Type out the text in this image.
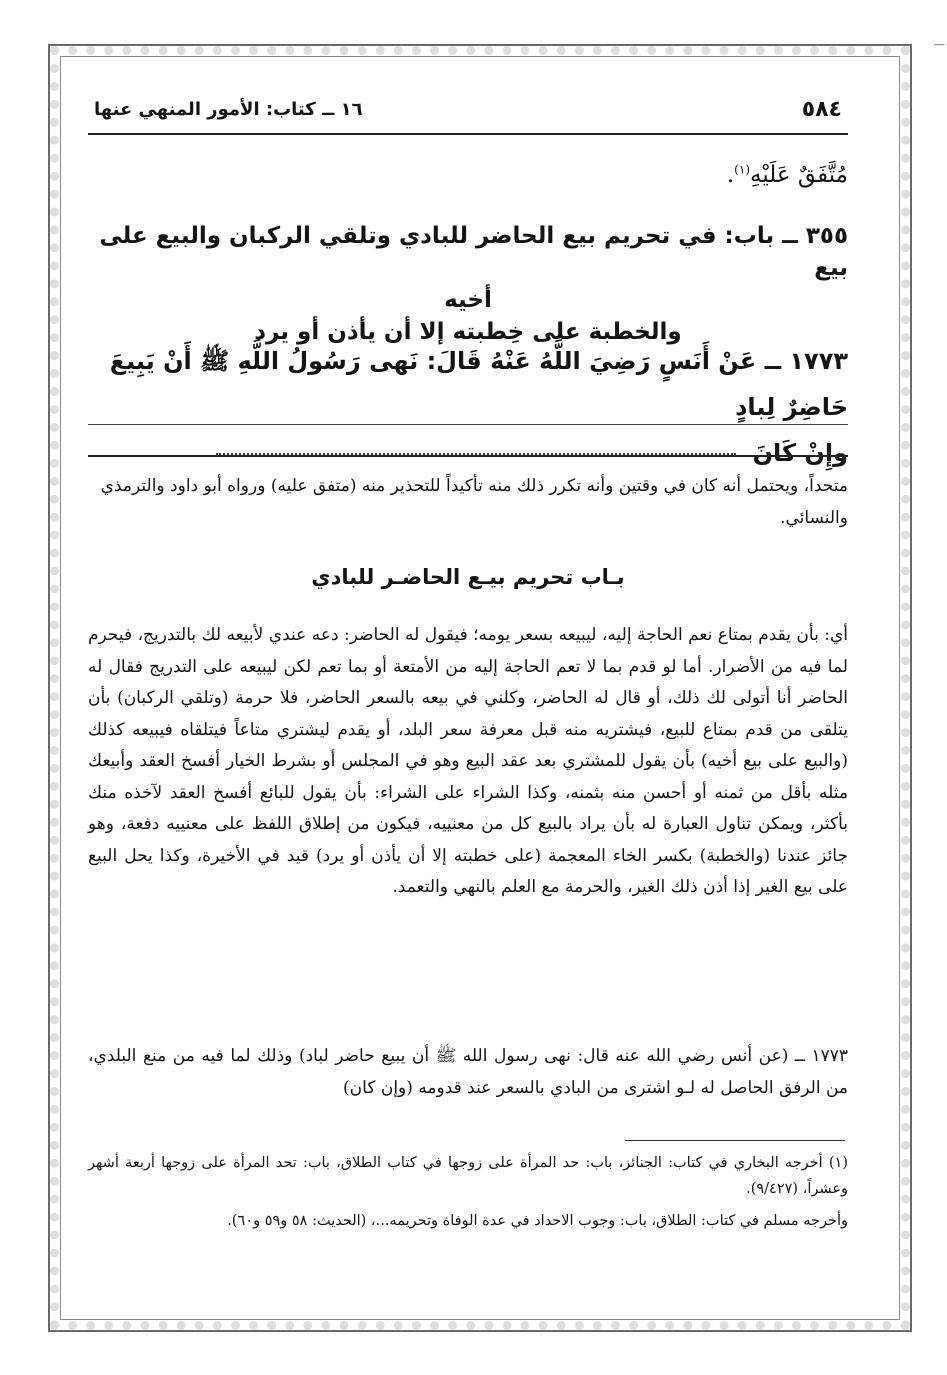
—
٥٨٤
١٦ ــ كتاب: الأمور المنهي عنها
مُتَّفَقٌ عَلَيْهِ$^{(١)}$.
٣٥٥ ــ باب: في تحريم بيع الحاضر للبادي وتلقي الركبان والبيع على بيع
أخيه
والخطبة على خِطبته إلا أن يأذن أو يرد
١٧٧٣ ــ عَنْ أَنَسٍ رَضِيَ اللَّهُ عَنْهُ قَالَ: نَهى رَسُولُ اللَّهِ ﷺ أَنْ يَبِيعَ حَاضِرٌ لِبادٍ
وإِنْ كَانَ
متحداً، ويحتمل أنه كان في وقتين وأنه تكرر ذلك منه تأكيداً للتحذير منه (متفق عليه) ورواه أبو داود والترمذي والنسائي.
بـاب تحريم بيـع الحاضـر للبادي
أي: بأن يقدم بمتاع نعم الحاجة إليه، ليبيعه بسعر يومه؛ فيقول له الحاضر: دعه عندي لأبيعه لك بالتدريج، فيحرم لما فيه من الأضرار. أما لو قدم بما لا تعم الحاجة إليه من الأمتعة أو بما تعم لكن ليبيعه على التدريج فقال له الحاضر أنا أتولى لك ذلك، أو قال له الحاضر، وكلني في بيعه بالسعر الحاضر، فلا حرمة (وتلقي الركبان) بأن يتلقى من قدم بمتاع للبيع، فيشتريه منه قبل معرفة سعر البلد، أو يقدم ليشتري متاعاً فيتلقاه فيبيعه كذلك (والبيع على بيع أخيه) بأن يقول للمشتري بعد عقد البيع وهو في المجلس أو بشرط الخيار أفسخ العقد وأبيعك مثله بأقل من ثمنه أو أحسن منه بثمنه، وكذا الشراء على الشراء: بأن يقول للبائع أفسخ العقد لآخذه منك بأكثر، ويمكن تناول العبارة له بأن يراد بالبيع كل من معنييه، فيكون من إطلاق اللفظ على معنييه دفعة، وهو جائز عندنا (والخطبة) بكسر الخاء المعجمة (على خطبته إلا أن يأذن أو يرد) قيد في الأخيرة، وكذا يحل البيع على بيع الغير إذا أذن ذلك الغير، والحرمة مع العلم بالنهي والتعمد.
١٧٧٣ ــ (عن أنس رضي الله عنه قال: نهى رسول الله ﷺ أن يبيع حاضر لباد) وذلك لما فيه من منع البلدي، من الرفق الحاصل له لـو اشترى من البادي بالسعر عند قدومه (وإن كان)

(١) أخرجه البخاري في كتاب: الجنائز، باب: حد المرأة على زوجها في كتاب الطلاق، باب: تحد المرأة على زوجها أربعة أشهر وعشراً، (٩/٤٢٧).

وأخرجه مسلم في كتاب: الطلاق، باب: وجوب الاحداد في عدة الوفاة وتحريمه...، (الحديث: ٥٨ و٥٩ و٦٠).
